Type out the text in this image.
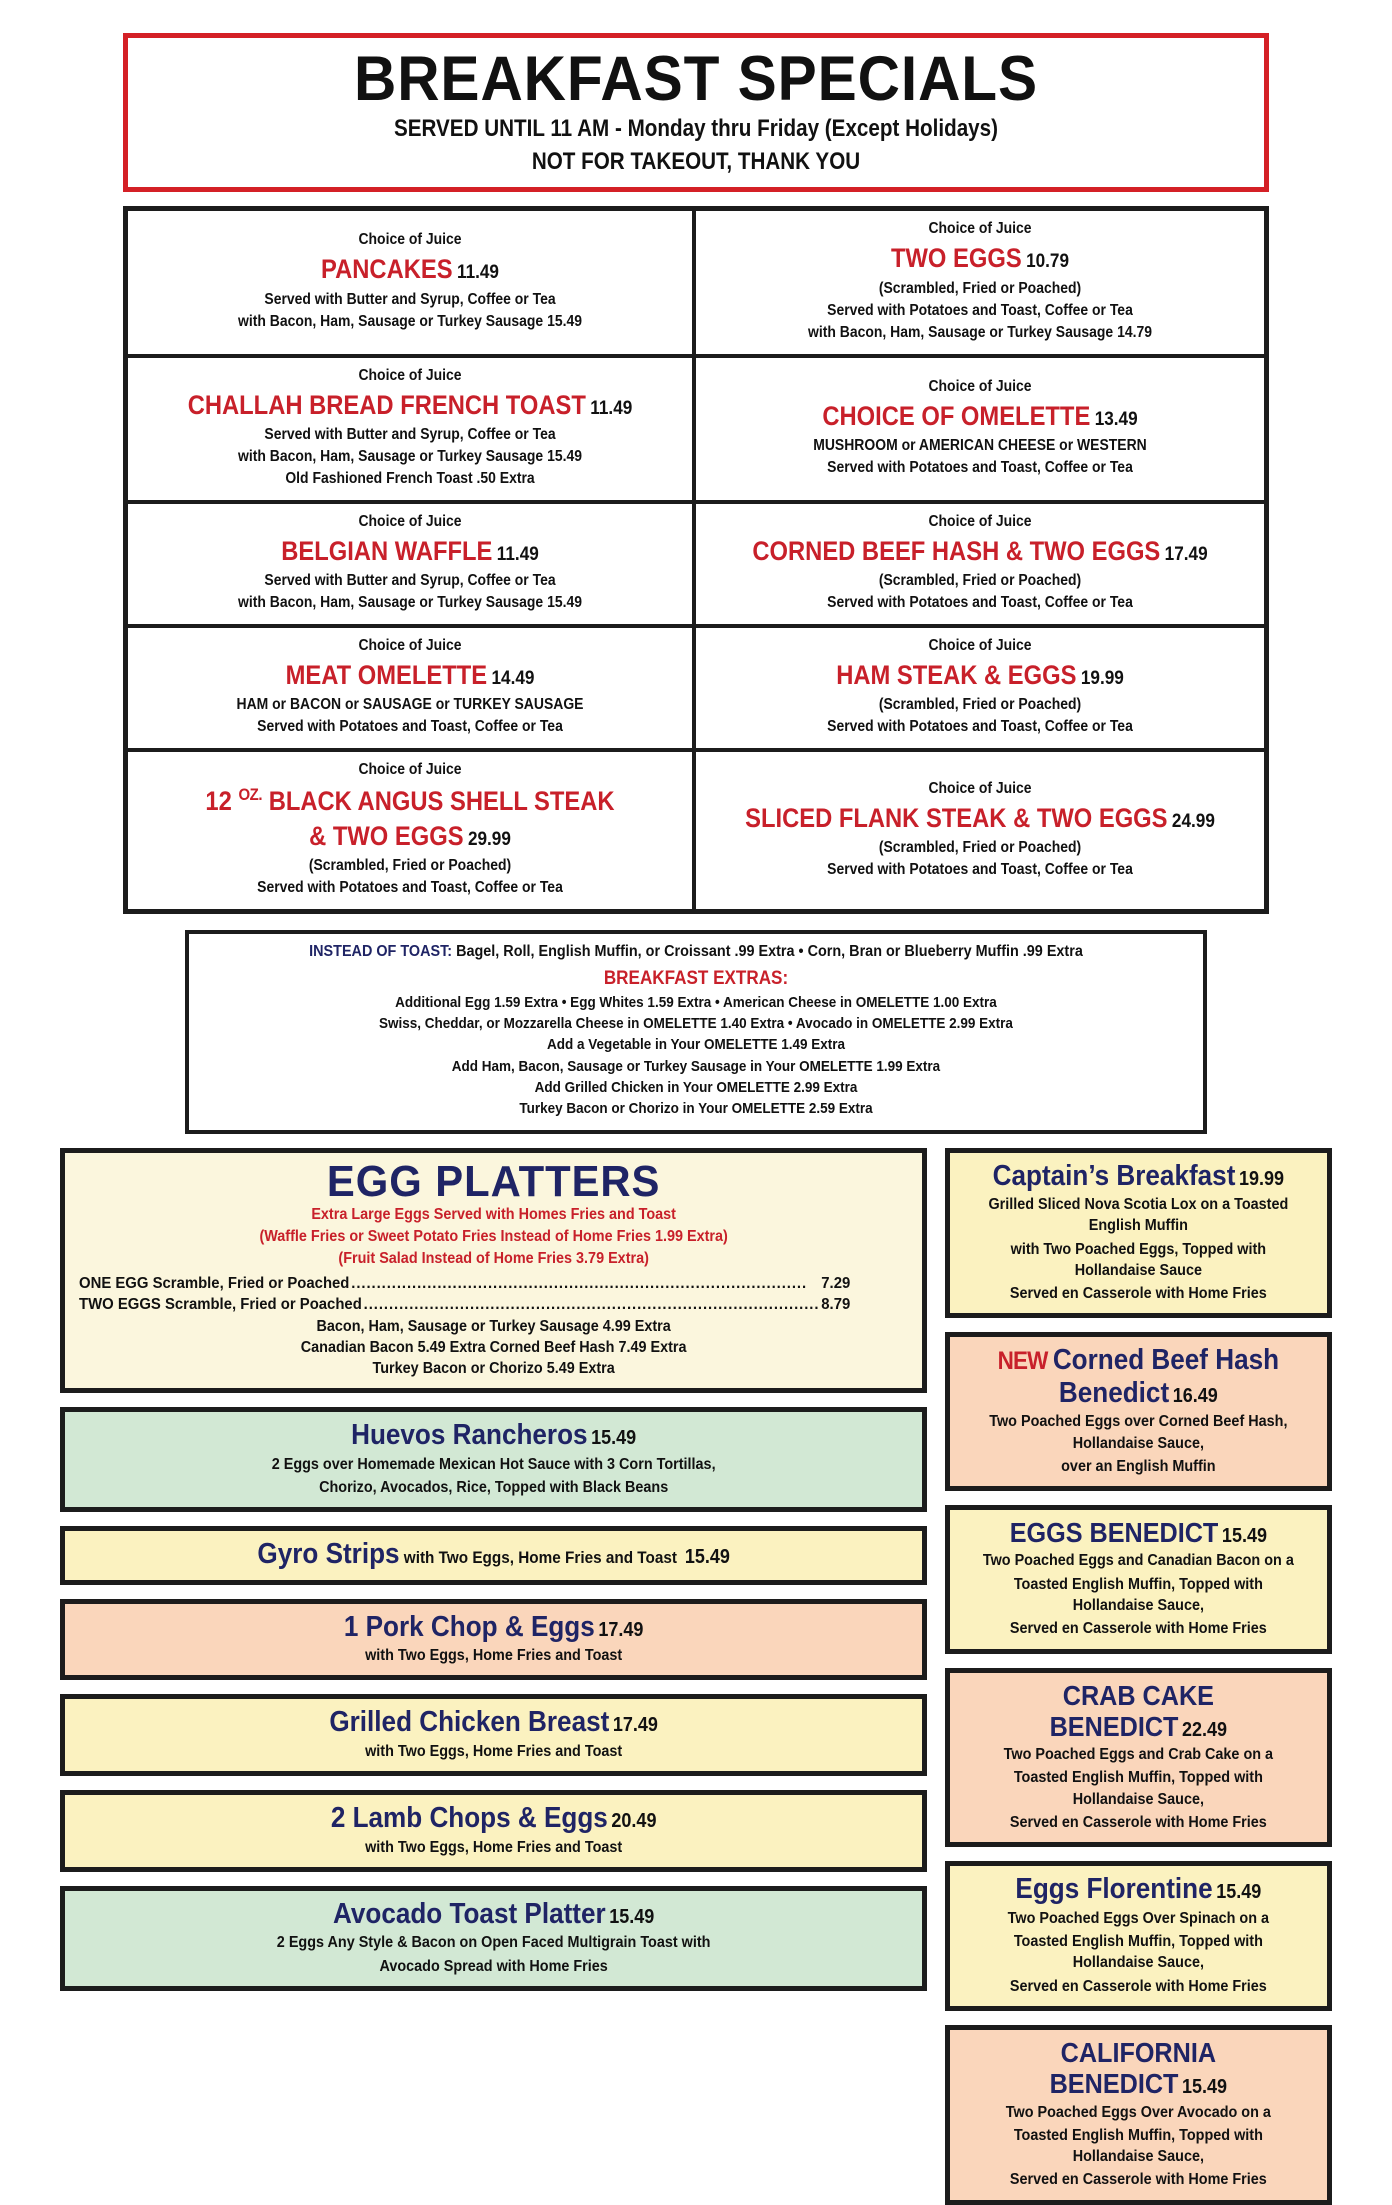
BREAKFAST SPECIALS
SERVED UNTIL 11 AM - Monday thru Friday (Except Holidays)
NOT FOR TAKEOUT, THANK YOU
Choice of Juice
PANCAKES 11.49
Served with Butter and Syrup, Coffee or Tea
with Bacon, Ham, Sausage or Turkey Sausage 15.49
Choice of Juice
TWO EGGS 10.79
(Scrambled, Fried or Poached)
Served with Potatoes and Toast, Coffee or Tea
with Bacon, Ham, Sausage or Turkey Sausage 14.79
Choice of Juice
CHALLAH BREAD FRENCH TOAST 11.49
Served with Butter and Syrup, Coffee or Tea
with Bacon, Ham, Sausage or Turkey Sausage 15.49
Old Fashioned French Toast .50 Extra
Choice of Juice
CHOICE OF OMELETTE 13.49
MUSHROOM or AMERICAN CHEESE or WESTERN
Served with Potatoes and Toast, Coffee or Tea
Choice of Juice
BELGIAN WAFFLE 11.49
Served with Butter and Syrup, Coffee or Tea
with Bacon, Ham, Sausage or Turkey Sausage 15.49
Choice of Juice
CORNED BEEF HASH & TWO EGGS 17.49
(Scrambled, Fried or Poached)
Served with Potatoes and Toast, Coffee or Tea
Choice of Juice
MEAT OMELETTE 14.49
HAM or BACON or SAUSAGE or TURKEY SAUSAGE
Served with Potatoes and Toast, Coffee or Tea
Choice of Juice
HAM STEAK & EGGS 19.99
(Scrambled, Fried or Poached)
Served with Potatoes and Toast, Coffee or Tea
Choice of Juice
12 $^{OZ.}$ BLACK ANGUS SHELL STEAK
& TWO EGGS 29.99
(Scrambled, Fried or Poached)
Served with Potatoes and Toast, Coffee or Tea
Choice of Juice
SLICED FLANK STEAK & TWO EGGS 24.99
(Scrambled, Fried or Poached)
Served with Potatoes and Toast, Coffee or Tea
INSTEAD OF TOAST: Bagel, Roll, English Muffin, or Croissant .99 Extra • Corn, Bran or Blueberry Muffin .99 Extra
BREAKFAST EXTRAS:
Additional Egg 1.59 Extra • Egg Whites 1.59 Extra • American Cheese in OMELETTE 1.00 Extra
Swiss, Cheddar, or Mozzarella Cheese in OMELETTE 1.40 Extra • Avocado in OMELETTE 2.99 Extra
Add a Vegetable in Your OMELETTE 1.49 Extra
Add Ham, Bacon, Sausage or Turkey Sausage in Your OMELETTE 1.99 Extra
Add Grilled Chicken in Your OMELETTE 2.99 Extra
Turkey Bacon or Chorizo in Your OMELETTE 2.59 Extra
EGG PLATTERS
Extra Large Eggs Served with Homes Fries and Toast
(Waffle Fries or Sweet Potato Fries Instead of Home Fries 1.99 Extra)
(Fruit Salad Instead of Home Fries 3.79 Extra)
ONE EGG Scramble, Fried or Poached .......................................................................................... 7.29
TWO EGGS Scramble, Fried or Poached .......................................................................................... 8.79
Bacon, Ham, Sausage or Turkey Sausage 4.99 Extra
Canadian Bacon 5.49 Extra Corned Beef Hash 7.49 Extra
Turkey Bacon or Chorizo 5.49 Extra
Huevos Rancheros 15.49
2 Eggs over Homemade Mexican Hot Sauce with 3 Corn Tortillas,
Chorizo, Avocados, Rice, Topped with Black Beans
Gyro Strips with Two Eggs, Home Fries and Toast 15.49
1 Pork Chop & Eggs 17.49
with Two Eggs, Home Fries and Toast
Grilled Chicken Breast 17.49
with Two Eggs, Home Fries and Toast
2 Lamb Chops & Eggs 20.49
with Two Eggs, Home Fries and Toast
Avocado Toast Platter 15.49
2 Eggs Any Style & Bacon on Open Faced Multigrain Toast with
Avocado Spread with Home Fries
Captain’s Breakfast 19.99
Grilled Sliced Nova Scotia Lox on a Toasted English Muffin
with Two Poached Eggs, Topped with Hollandaise Sauce
Served en Casserole with Home Fries
NEW Corned Beef Hash Benedict 16.49
Two Poached Eggs over Corned Beef Hash, Hollandaise Sauce,
over an English Muffin
EGGS BENEDICT 15.49
Two Poached Eggs and Canadian Bacon on a
Toasted English Muffin, Topped with Hollandaise Sauce,
Served en Casserole with Home Fries
CRAB CAKE BENEDICT 22.49
Two Poached Eggs and Crab Cake on a
Toasted English Muffin, Topped with Hollandaise Sauce,
Served en Casserole with Home Fries
Eggs Florentine 15.49
Two Poached Eggs Over Spinach on a
Toasted English Muffin, Topped with Hollandaise Sauce,
Served en Casserole with Home Fries
CALIFORNIA BENEDICT 15.49
Two Poached Eggs Over Avocado on a
Toasted English Muffin, Topped with Hollandaise Sauce,
Served en Casserole with Home Fries
